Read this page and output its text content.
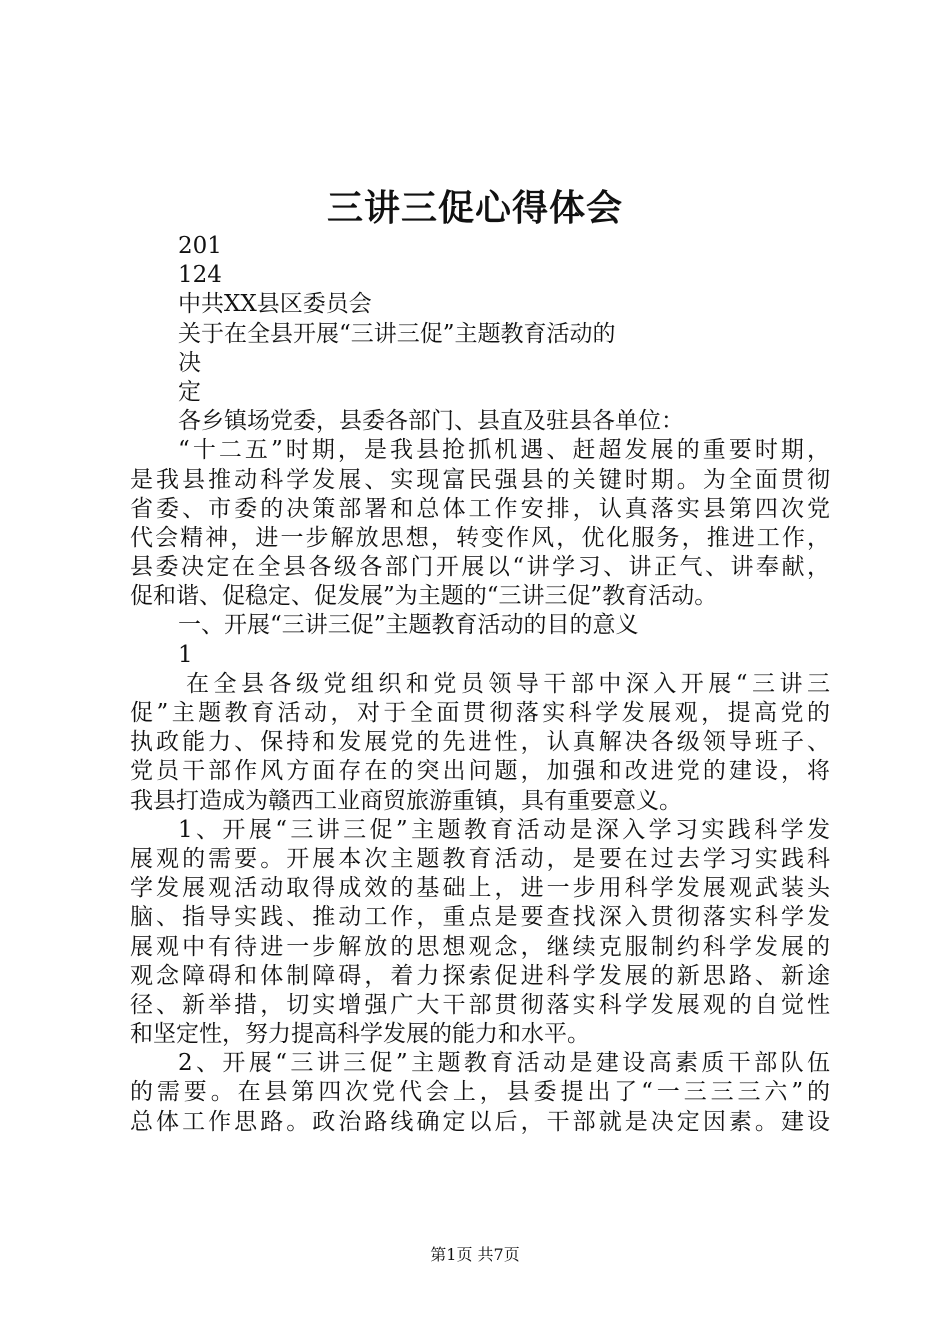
三讲三促心得体会
201
124
中共XX县区委员会
关于在全县开展“三讲三促”主题教育活动的
决
定
各乡镇场党委，县委各部门、县直及驻县各单位：
“十二五”时期，是我县抢抓机遇、赶超发展的重要时期，
是我县推动科学发展、实现富民强县的关键时期。为全面贯彻
省委、市委的决策部署和总体工作安排，认真落实县第四次党
代会精神，进一步解放思想，转变作风，优化服务，推进工作，
县委决定在全县各级各部门开展以“讲学习、讲正气、讲奉献，
促和谐、促稳定、促发展”为主题的“三讲三促”教育活动。
一、开展“三讲三促”主题教育活动的目的意义
1
在全县各级党组织和党员领导干部中深入开展“三讲三
促”主题教育活动，对于全面贯彻落实科学发展观，提高党的
执政能力、保持和发展党的先进性，认真解决各级领导班子、
党员干部作风方面存在的突出问题，加强和改进党的建设，将
我县打造成为赣西工业商贸旅游重镇，具有重要意义。
1、开展“三讲三促”主题教育活动是深入学习实践科学发
展观的需要。开展本次主题教育活动，是要在过去学习实践科
学发展观活动取得成效的基础上，进一步用科学发展观武装头
脑、指导实践、推动工作，重点是要查找深入贯彻落实科学发
展观中有待进一步解放的思想观念，继续克服制约科学发展的
观念障碍和体制障碍，着力探索促进科学发展的新思路、新途
径、新举措，切实增强广大干部贯彻落实科学发展观的自觉性
和坚定性，努力提高科学发展的能力和水平。
2、开展“三讲三促”主题教育活动是建设高素质干部队伍
的需要。在县第四次党代会上，县委提出了“一三三三六”的
总体工作思路。政治路线确定以后，干部就是决定因素。建设
第1页 共7页
